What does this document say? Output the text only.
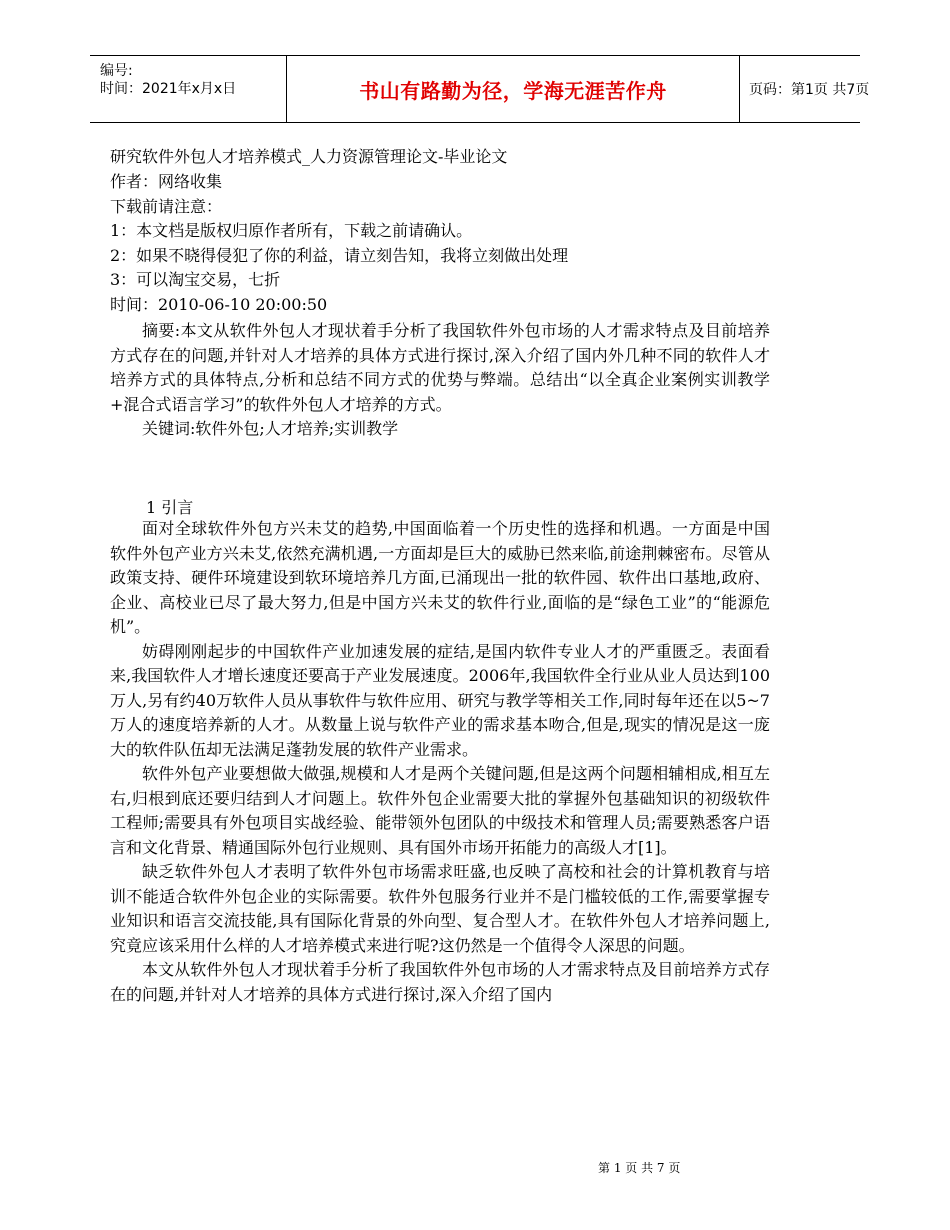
编号:
时间：2021年x月x日	书山有路勤为径，学海无涯苦作舟	页码：第1页 共7页
研究软件外包人才培养模式_人力资源管理论文-毕业论文
作者：网络收集
下载前请注意：
1：本文档是版权归原作者所有，下载之前请确认。
2：如果不晓得侵犯了你的利益，请立刻告知，我将立刻做出处理
3：可以淘宝交易，七折
时间：2010-06-10 20:00:50

摘要:本文从软件外包人才现状着手分析了我国软件外包市场的人才需求特点及目前培养方式存在的问题,并针对人才培养的具体方式进行探讨,深入介绍了国内外几种不同的软件人才培养方式的具体特点,分析和总结不同方式的优势与弊端。总结出“以全真企业案例实训教学+混合式语言学习”的软件外包人才培养的方式。

关键词:软件外包;人才培养;实训教学

1 引言

面对全球软件外包方兴未艾的趋势,中国面临着一个历史性的选择和机遇。一方面是中国软件外包产业方兴未艾,依然充满机遇,一方面却是巨大的威胁已然来临,前途荆棘密布。尽管从政策支持、硬件环境建设到软环境培养几方面,已涌现出一批的软件园、软件出口基地,政府、企业、高校业已尽了最大努力,但是中国方兴未艾的软件行业,面临的是“绿色工业”的“能源危机”。

妨碍刚刚起步的中国软件产业加速发展的症结,是国内软件专业人才的严重匮乏。表面看来,我国软件人才增长速度还要高于产业发展速度。2006年,我国软件全行业从业人员达到100万人,另有约40万软件人员从事软件与软件应用、研究与教学等相关工作,同时每年还在以5~7万人的速度培养新的人才。从数量上说与软件产业的需求基本吻合,但是,现实的情况是这一庞大的软件队伍却无法满足蓬勃发展的软件产业需求。

软件外包产业要想做大做强,规模和人才是两个关键问题,但是这两个问题相辅相成,相互左右,归根到底还要归结到人才问题上。软件外包企业需要大批的掌握外包基础知识的初级软件工程师;需要具有外包项目实战经验、能带领外包团队的中级技术和管理人员;需要熟悉客户语言和文化背景、精通国际外包行业规则、具有国外市场开拓能力的高级人才[1]。

缺乏软件外包人才表明了软件外包市场需求旺盛,也反映了高校和社会的计算机教育与培训不能适合软件外包企业的实际需要。软件外包服务行业并不是门槛较低的工作,需要掌握专业知识和语言交流技能,具有国际化背景的外向型、复合型人才。在软件外包人才培养问题上,究竟应该采用什么样的人才培养模式来进行呢?这仍然是一个值得令人深思的问题。

本文从软件外包人才现状着手分析了我国软件外包市场的人才需求特点及目前培养方式存在的问题,并针对人才培养的具体方式进行探讨,深入介绍了国内

第 1 页 共 7 页
